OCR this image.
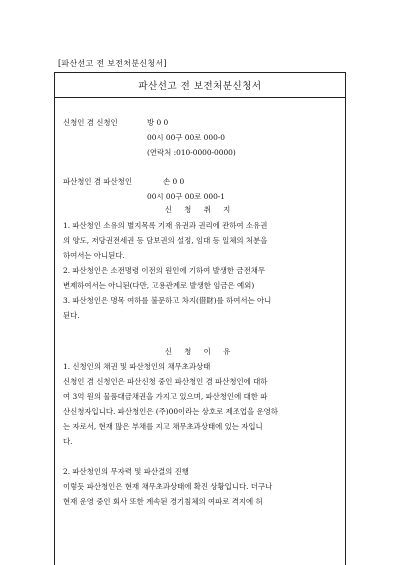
[파산선고 전 보전처분신청서]
파산선고 전 보전처분신청서
신청인 겸 신청인	방 0 0
00시 00구 00로 000-0
(연락처 :010-0000-0000)
파산청인 겸 파산청인	손 0 0
00시 00구 00로 000-1
신 청 취 지
1. 파산청인 소유의 별지목록 기재 유권과 권리에 관하여 소유권
의 양도, 저당권전세권 등 담보권의 설정, 임대 등 일체의 처분을
하여서는 아니된다.
2. 파산청인은 소전명령 이전의 원인에 기하여 발생한 금전채무
변제하여서는 아니된(다만, 고용관계로 발생한 임금은 예외)
3. 파산청인은 명목 여하를 불문하고 차지(借財)를 하여서는 아니
된다.
신 청 이 유
1. 신청인의 채권 및 파산청인의 채무초과상태
신청인 겸 신청인은 파산신청 중인 파산청인 겸 파산청인에 대하
여 3억 원의 물품대금채권을 가지고 있으며, 파산청인에 대한 파
산신청자입니다. 파산청인은 (주)00이라는 상호로 제조업을 운영하
는 자로서, 현재 많은 부채를 지고 채무초과상태에 있는 자입니
다.
2. 파산청인의 무자력 및 파산결의 진행
이렇듯 파산청인은 현재 채무초과상태에 확진 상황입니다. 더구나
현재 운영 중인 회사 또한 계속된 경기침체의 여파로 격지에 허
